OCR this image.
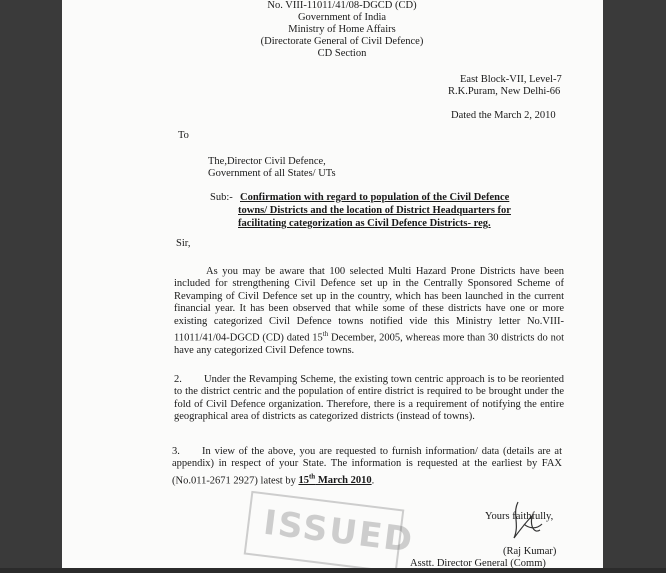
No. VIII-11011/41/08-DGCD (CD)
Government of India
Ministry of Home Affairs
(Directorate General of Civil Defence)
CD Section
East Block-VII, Level-7
R.K.Puram, New Delhi-66
Dated the March 2, 2010
To
The,Director Civil Defence,
Government of all States/ UTs
Sub:- Confirmation with regard to population of the Civil Defence
towns/ Districts and the location of District Headquarters for
facilitating categorization as Civil Defence Districts- reg.
Sir,
As you may be aware that 100 selected Multi Hazard Prone Districts have been included for strengthening Civil Defence set up in the Centrally Sponsored Scheme of Revamping of Civil Defence set up in the country, which has been launched in the current financial year. It has been observed that while some of these districts have one or more existing categorized Civil Defence towns notified vide this Ministry letter No.VIII-11011/41/04-DGCD (CD) dated 15th December, 2005, whereas more than 30 districts do not have any categorized Civil Defence towns.
2. Under the Revamping Scheme, the existing town centric approach is to be reoriented to the district centric and the population of entire district is required to be brought under the fold of Civil Defence organization. Therefore, there is a requirement of notifying the entire geographical area of districts as categorized districts (instead of towns).
3. In view of the above, you are requested to furnish information/ data (details are at appendix) in respect of your State. The information is requested at the earliest by FAX (No.011-2671 2927) latest by 15th March 2010.
ISSUED	Yours faithfully,
(Raj Kumar)
Asstt. Director General (Comm)
